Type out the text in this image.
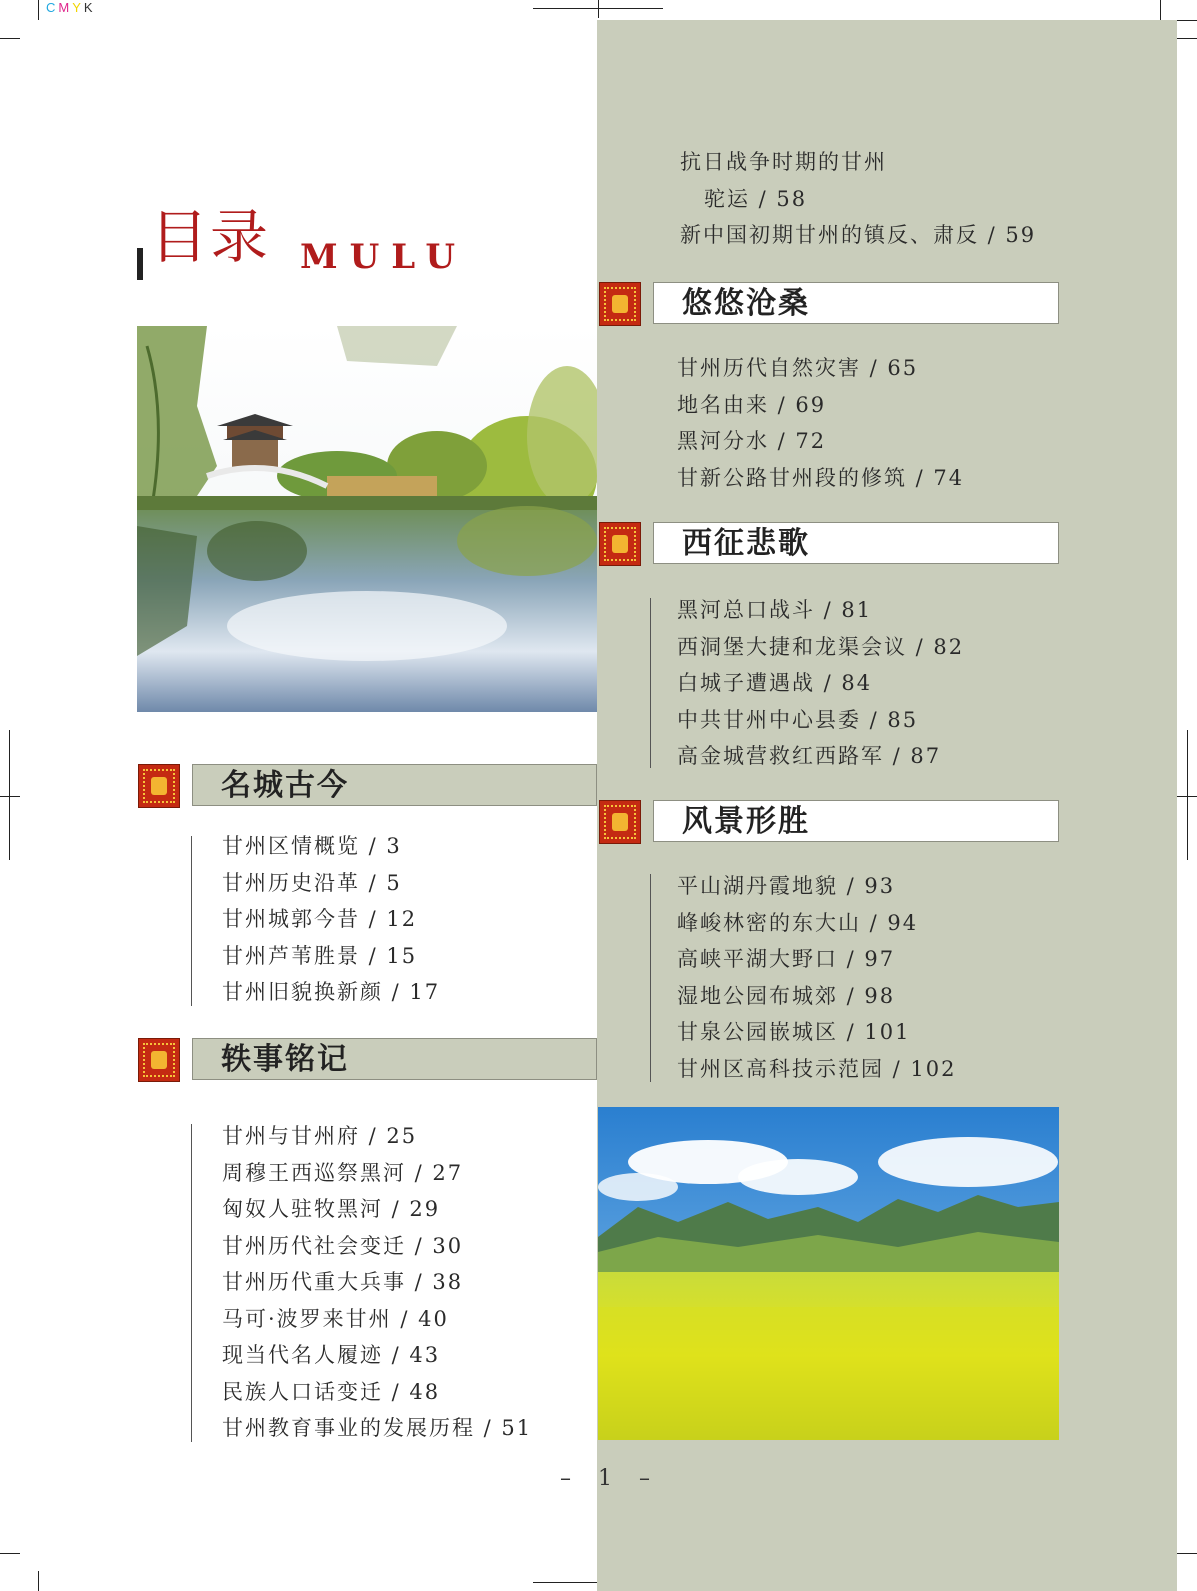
CMYK
目录 MULU
抗日战争时期的甘州
驼运 / 58
新中国初期甘州的镇反、肃反 / 59
名城古今
甘州区情概览 / 3
甘州历史沿革 / 5
甘州城郭今昔 / 12
甘州芦苇胜景 / 15
甘州旧貌换新颜 / 17
轶事铭记
甘州与甘州府 / 25
周穆王西巡祭黑河 / 27
匈奴人驻牧黑河 / 29
甘州历代社会变迁 / 30
甘州历代重大兵事 / 38
马可·波罗来甘州 / 40
现当代名人履迹 / 43
民族人口话变迁 / 48
甘州教育事业的发展历程 / 51
悠悠沧桑
甘州历代自然灾害 / 65
地名由来 / 69
黑河分水 / 72
甘新公路甘州段的修筑 / 74
西征悲歌
黑河总口战斗 / 81
西洞堡大捷和龙渠会议 / 82
白城子遭遇战 / 84
中共甘州中心县委 / 85
高金城营救红西路军 / 87
风景形胜
平山湖丹霞地貌 / 93
峰峻林密的东大山 / 94
高峡平湖大野口 / 97
湿地公园布城郊 / 98
甘泉公园嵌城区 / 101
甘州区高科技示范园 / 102
– 1 –
